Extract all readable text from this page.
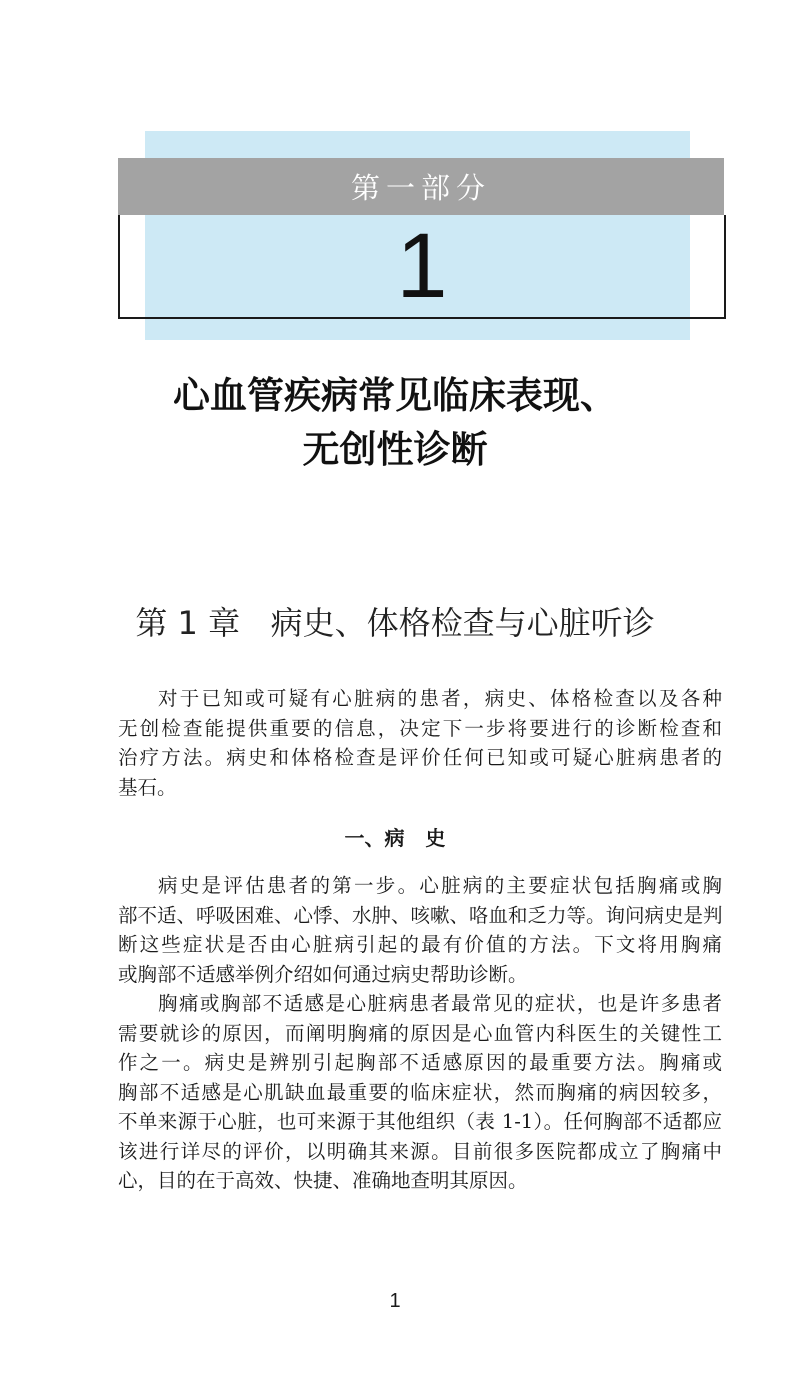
第一部分
1
心血管疾病常见临床表现、
无创性诊断
第 1 章   病史、体格检查与心脏听诊
对于已知或可疑有心脏病的患者，病史、体格检查以及各种
无创检查能提供重要的信息，决定下一步将要进行的诊断检查和
治疗方法。病史和体格检查是评价任何已知或可疑心脏病患者的
基石。
一、病   史
病史是评估患者的第一步。心脏病的主要症状包括胸痛或胸
部不适、呼吸困难、心悸、水肿、咳嗽、咯血和乏力等。询问病史是判
断这些症状是否由心脏病引起的最有价值的方法。下文将用胸痛
或胸部不适感举例介绍如何通过病史帮助诊断。
胸痛或胸部不适感是心脏病患者最常见的症状，也是许多患者
需要就诊的原因，而阐明胸痛的原因是心血管内科医生的关键性工
作之一。病史是辨别引起胸部不适感原因的最重要方法。胸痛或
胸部不适感是心肌缺血最重要的临床症状，然而胸痛的病因较多，
不单来源于心脏，也可来源于其他组织（表 1-1）。任何胸部不适都应
该进行详尽的评价，以明确其来源。目前很多医院都成立了胸痛中
心，目的在于高效、快捷、准确地查明其原因。
1
